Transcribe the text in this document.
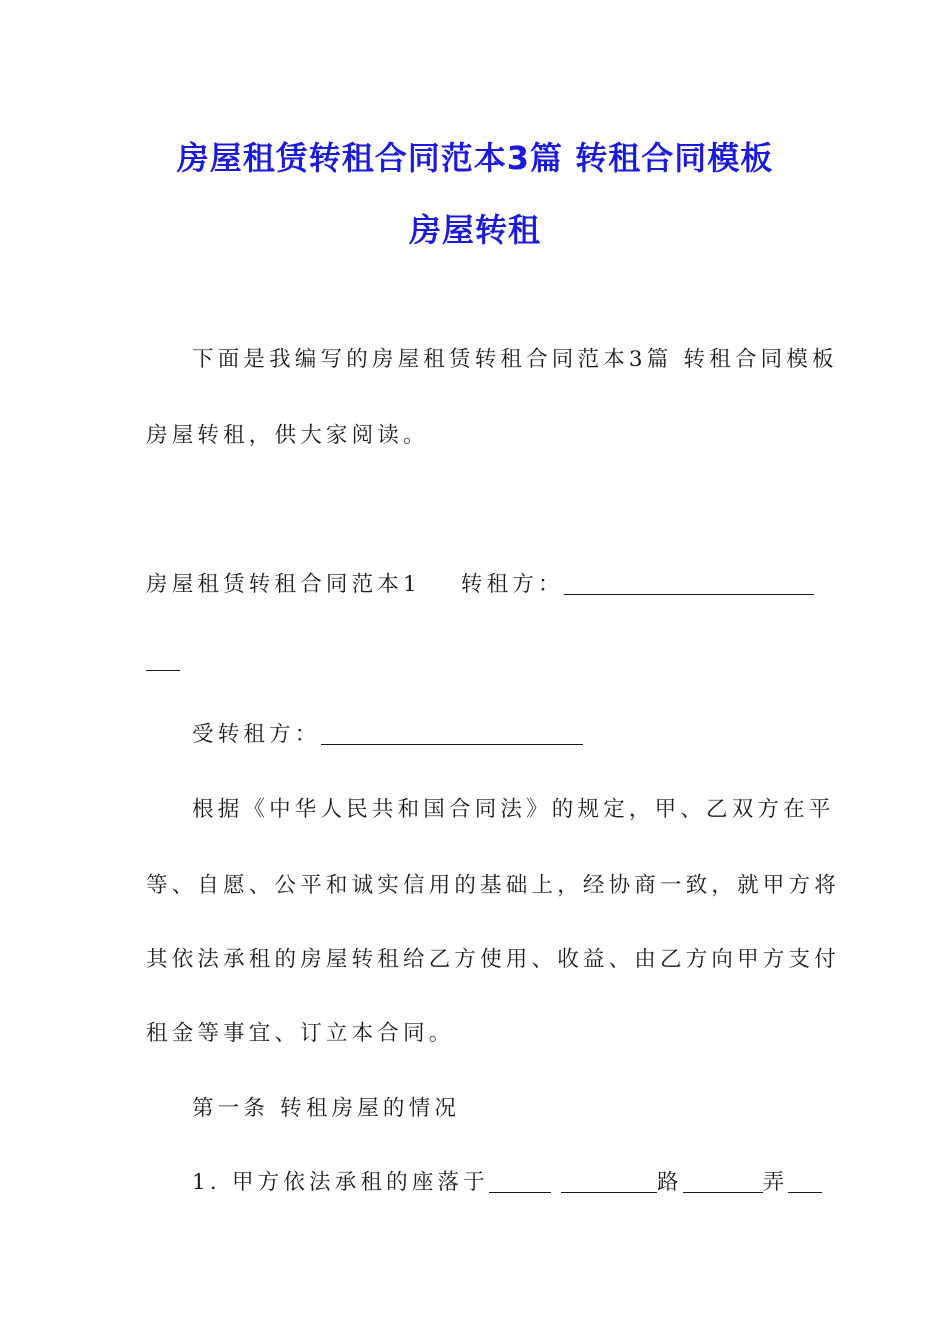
房屋租赁转租合同范本3篇 转租合同模板
房屋转租
下面是我编写的房屋租赁转租合同范本3篇 转租合同模板
房屋转租，供大家阅读。
房屋租赁转租合同范本1 转租方：
受转租方：
根据《中华人民共和国合同法》的规定，甲、乙双方在平
等、自愿、公平和诚实信用的基础上，经协商一致，就甲方将
其依法承租的房屋转租给乙方使用、收益、由乙方向甲方支付
租金等事宜、订立本合同。
第一条 转租房屋的情况
1. 甲方依法承租的座落于	路	弄
